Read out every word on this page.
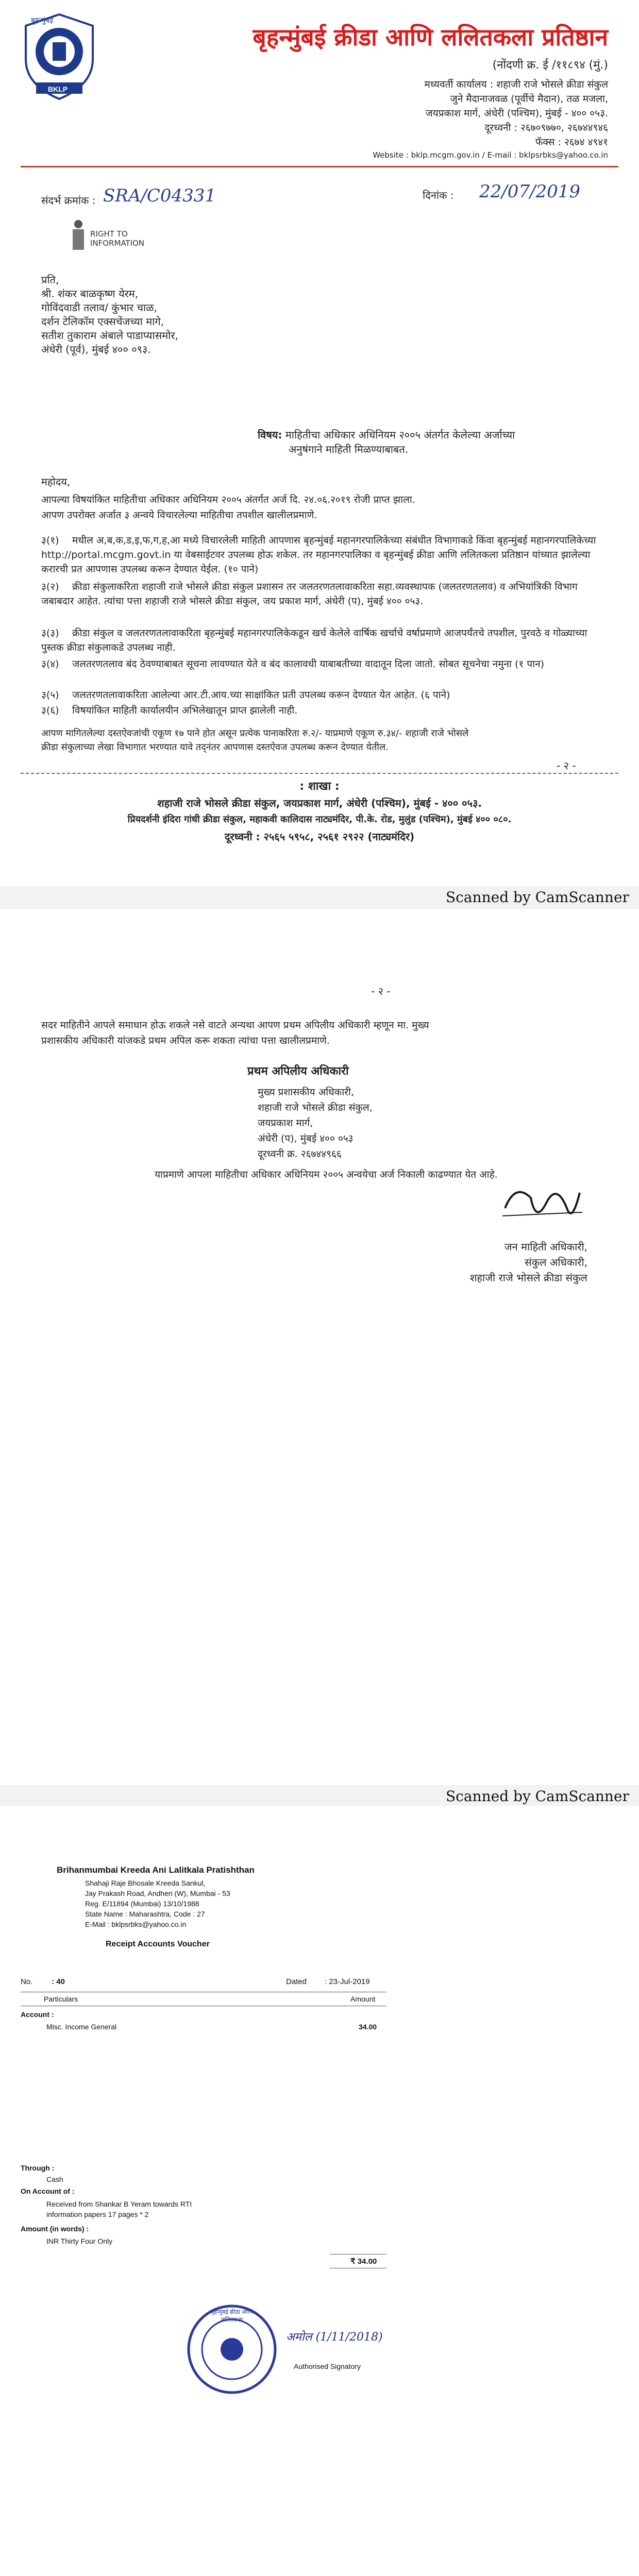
बृहन्मुंबई
BKLP
बृहन्मुंबई क्रीडा आणि ललितकला प्रतिष्ठान
(नोंदणी क्र. ई /११८९४ (मुं.)
मध्यवर्ती कार्यालय : शहाजी राजे भोसले क्रीडा संकुल
जुने मैदानाजवळ (पूर्वीचे मैदान), तळ मजला,
जयप्रकाश मार्ग, अंधेरी (पश्चिम), मुंबई - ४०० ०५३.
दूरध्वनी : २६७०९७७०, २६७४४९४६
फॅक्स : २६७४ ४९४१
Website : bklp.mcgm.gov.in / E-mail : bklpsrbks@yahoo.co.in
संदर्भ क्रमांक : SRA/C04331	दिनांक : 22/07/2019
RIGHT TO
INFORMATION
प्रति,
श्री. शंकर बाळकृष्ण येरम,
गोविंदवाडी तलाव/ कुंभार चाळ,
दर्शन टेलिकॉम एक्सचेंजच्या मागे,
सतीश तुकाराम अंबाले पाडाप्यासमोर,
अंधेरी (पूर्व), मुंबई ४०० ०९३.
विषय: माहितीचा अधिकार अधिनियम २००५ अंतर्गत केलेल्या अर्जाच्या
अनुषंगाने माहिती मिळण्याबाबत.
महोदय,
आपल्या विषयांकित माहितीचा अधिकार अधिनियम २००५ अंतर्गत अर्ज दि. २४.०६.२०१९ रोजी प्राप्त झाला.
आपण उपरोक्त अर्जात ३ अन्वये विचारलेल्या माहितीचा तपशील खालीलप्रमाणे.
३(१) मधील अ,ब,क,ड,इ,फ,ग,ह,आ मध्ये विचारलेली माहिती आपणास बृहन्मुंबई महानगरपालिकेच्या संबंधीत विभागाकडे किंवा बृहन्मुंबई महानगरपालिकेच्या http://portal.mcgm.govt.in या वेबसाईटवर उपलब्ध होऊ शकेल. तर महानगरपालिका व बृहन्मुंबई क्रीडा आणि ललितकला प्रतिष्ठान यांच्यात झालेल्या करारची प्रत आपणास उपलब्ध करून देण्यात येईल. (१० पाने)
३(२) क्रीडा संकुलाकरिता शहाजी राजे भोसले क्रीडा संकुल प्रशासन तर जलतरणतलावाकरिता सहा.व्यवस्थापक (जलतरणतलाव) व अभियांत्रिकी विभाग जबाबदार आहेत. त्यांचा पत्ता शहाजी राजे भोसले क्रीडा संकुल, जय प्रकाश मार्ग, अंधेरी (प), मुंबई ४०० ०५३.
३(३) क्रीडा संकुल व जलतरणतलावाकरिता बृहन्मुंबई महानगरपालिकेकडून खर्च केलेले वार्षिक खर्चाचे वर्षाप्रमाणे आजपर्यंतचे तपशील, पुरवठे व गोळ्याच्या पुस्तक क्रीडा संकुलाकडे उपलब्ध नाही.
३(४) जलतरणतलाव बंद ठेवण्याबाबत सूचना लावण्यात येते व बंद कालावधी याबाबतीच्या वादातून दिला जातो. सोबत सूचनेचा नमुना (१ पान)
३(५) जलतरणतलावाकरिता आलेल्या आर.टी.आय.च्या साक्षांकित प्रती उपलब्ध करून देण्यात येत आहेत. (६ पाने)
३(६) विषयांकित माहिती कार्यालयीन अभिलेखातून प्राप्त झालेली नाही.
आपण मागितलेल्या दस्तऐवजांची एकूण १७ पाने होत असून प्रत्येक पानाकरिता रु.२/- याप्रमाणे एकूण रु.३४/- शहाजी राजे भोसले
क्रीडा संकुलाच्या लेखा विभागात भरण्यात यावे तद्नंतर आपणास दस्तऐवज उपलब्ध करून देण्यात येतील.
- २ -
: शाखा :
शहाजी राजे भोसले क्रीडा संकुल, जयप्रकाश मार्ग, अंधेरी (पश्चिम), मुंबई - ४०० ०५३.
प्रियदर्शनी इंदिरा गांधी क्रीडा संकुल, महाकवी कालिदास नाट्यमंदिर, पी.के. रोड, मुलुंड (पश्चिम), मुंबई ४०० ०८०.
दूरध्वनी : २५६५ ५९५८, २५६१ २९२२ (नाट्यमंदिर)
Scanned by CamScanner
- २ -
सदर माहितीने आपले समाधान होऊ शकले नसे वाटते अन्यथा आपण प्रथम अपिलीय अधिकारी म्हणून मा. मुख्य
प्रशासकीय अधिकारी यांजकडे प्रथम अपिल करू शकता त्यांचा पत्ता खालीलप्रमाणे.
प्रथम अपिलीय अधिकारी
मुख्य प्रशासकीय अधिकारी,
शहाजी राजे भोसले क्रीडा संकुल,
जयप्रकाश मार्ग,
अंधेरी (प), मुंबई ४०० ०५३
दूरध्वनी क्र. २६७४४९६६
याप्रमाणे आपला माहितीचा अधिकार अधिनियम २००५ अन्वयेचा अर्ज निकाली काढण्यात येत आहे.
जन माहिती अधिकारी,
संकुल अधिकारी,
शहाजी राजे भोसले क्रीडा संकुल
Scanned by CamScanner
Brihanmumbai Kreeda Ani Lalitkala Pratishthan
Shahaji Raje Bhosale Kreeda Sankul,
Jay Prakash Road, Andheri (W), Mumbai - 53
Reg. E/11894 (Mumbai) 13/10/1988
State Name : Maharashtra, Code : 27
E-Mail : bklpsrbks@yahoo.co.in
Receipt Accounts Voucher
No. : 40	Dated : 23-Jul-2019
Particulars	Amount
Account :
Misc. Income General	34.00
Through :
Cash
On Account of :
Received from Shankar B Yeram towards RTI
information papers 17 pages * 2
Amount (in words) :
INR Thirty Four Only
₹ 34.00
बृहन्मुंबई क्रीडा आणि ललितकला
अमोल (1/11/2018)
Authorised Signatory
